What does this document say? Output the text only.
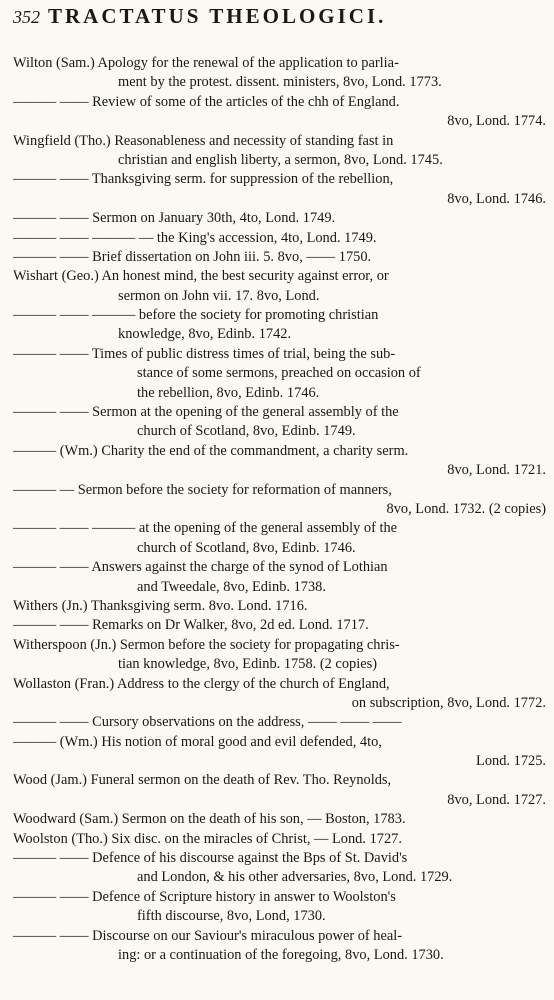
352 TRACTATUS THEOLOGICI.
Wilton (Sam.) Apology for the renewal of the application to parlia-
ment by the protest. dissent. ministers, 8vo, Lond. 1773.
——— —— Review of some of the articles of the chh of England.
8vo, Lond. 1774.
Wingfield (Tho.) Reasonableness and necessity of standing fast in
christian and english liberty, a sermon, 8vo, Lond. 1745.
——— —— Thanksgiving serm. for suppression of the rebellion,
8vo, Lond. 1746.
——— —— Sermon on January 30th, 4to, Lond. 1749.
——— —— ——— — the King's accession, 4to, Lond. 1749.
——— —— Brief dissertation on John iii. 5. 8vo, —— 1750.
Wishart (Geo.) An honest mind, the best security against error, or
sermon on John vii. 17. 8vo, Lond.
——— —— ——— before the society for promoting christian
knowledge, 8vo, Edinb. 1742.
——— —— Times of public distress times of trial, being the sub-
stance of some sermons, preached on occasion of
the rebellion, 8vo, Edinb. 1746.
——— —— Sermon at the opening of the general assembly of the
church of Scotland, 8vo, Edinb. 1749.
——— (Wm.) Charity the end of the commandment, a charity serm.
8vo, Lond. 1721.
——— — Sermon before the society for reformation of manners,
8vo, Lond. 1732. (2 copies)
——— —— ——— at the opening of the general assembly of the
church of Scotland, 8vo, Edinb. 1746.
——— —— Answers against the charge of the synod of Lothian
and Tweedale, 8vo, Edinb. 1738.
Withers (Jn.) Thanksgiving serm. 8vo. Lond. 1716.
——— —— Remarks on Dr Walker, 8vo, 2d ed. Lond. 1717.
Witherspoon (Jn.) Sermon before the society for propagating chris-
tian knowledge, 8vo, Edinb. 1758. (2 copies)
Wollaston (Fran.) Address to the clergy of the church of England,
on subscription, 8vo, Lond. 1772.
——— —— Cursory observations on the address, —— —— ——
——— (Wm.) His notion of moral good and evil defended, 4to,
Lond. 1725.
Wood (Jam.) Funeral sermon on the death of Rev. Tho. Reynolds,
8vo, Lond. 1727.
Woodward (Sam.) Sermon on the death of his son, — Boston, 1783.
Woolston (Tho.) Six disc. on the miracles of Christ, — Lond. 1727.
——— —— Defence of his discourse against the Bps of St. David's
and London, & his other adversaries, 8vo, Lond. 1729.
——— —— Defence of Scripture history in answer to Woolston's
fifth discourse, 8vo, Lond, 1730.
——— —— Discourse on our Saviour's miraculous power of heal-
ing: or a continuation of the foregoing, 8vo, Lond. 1730.
